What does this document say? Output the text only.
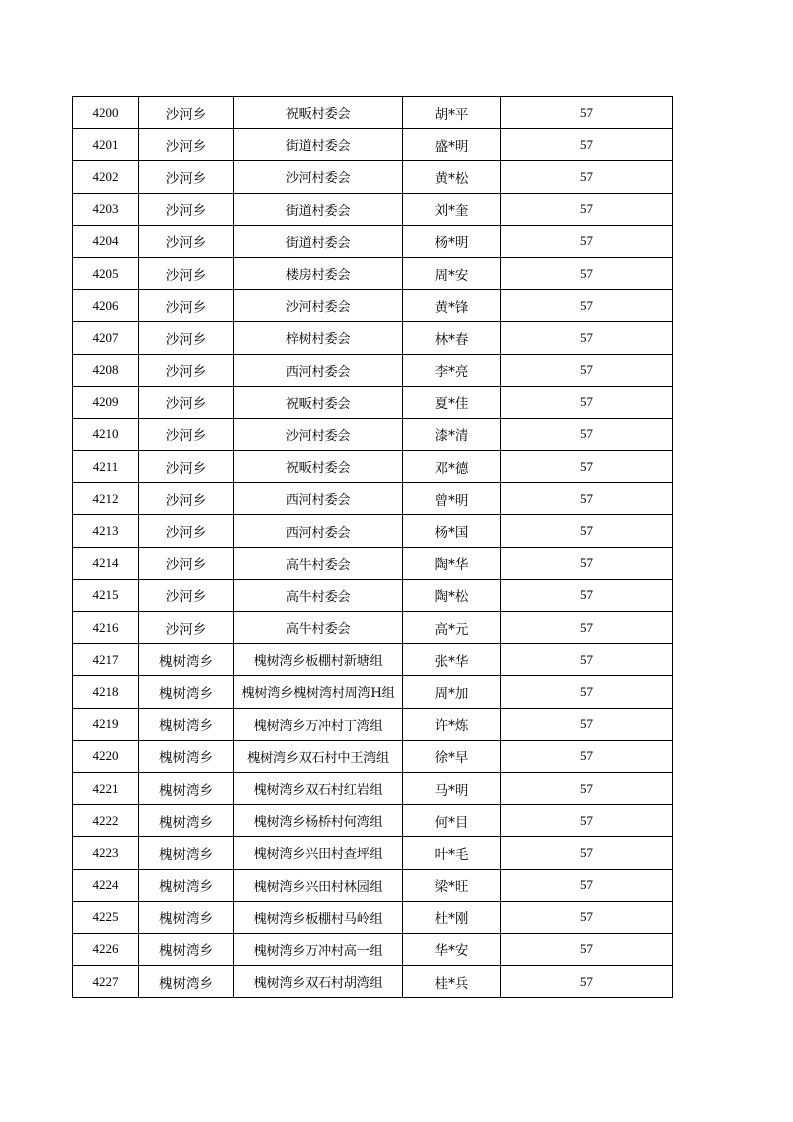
4200	沙河乡	祝畈村委会	胡*平	57
4201	沙河乡	街道村委会	盛*明	57
4202	沙河乡	沙河村委会	黄*松	57
4203	沙河乡	街道村委会	刘*奎	57
4204	沙河乡	街道村委会	杨*明	57
4205	沙河乡	楼房村委会	周*安	57
4206	沙河乡	沙河村委会	黄*锋	57
4207	沙河乡	梓树村委会	林*春	57
4208	沙河乡	西河村委会	李*亮	57
4209	沙河乡	祝畈村委会	夏*佳	57
4210	沙河乡	沙河村委会	漆*清	57
4211	沙河乡	祝畈村委会	邓*德	57
4212	沙河乡	西河村委会	曾*明	57
4213	沙河乡	西河村委会	杨*国	57
4214	沙河乡	高牛村委会	陶*华	57
4215	沙河乡	高牛村委会	陶*松	57
4216	沙河乡	高牛村委会	高*元	57
4217	槐树湾乡	槐树湾乡板棚村新塘组	张*华	57
4218	槐树湾乡	槐树湾乡槐树湾村周湾H组	周*加	57
4219	槐树湾乡	槐树湾乡万冲村丁湾组	许*炼	57
4220	槐树湾乡	槐树湾乡双石村中王湾组	徐*早	57
4221	槐树湾乡	槐树湾乡双石村红岩组	马*明	57
4222	槐树湾乡	槐树湾乡杨桥村何湾组	何*目	57
4223	槐树湾乡	槐树湾乡兴田村查坪组	叶*毛	57
4224	槐树湾乡	槐树湾乡兴田村林园组	梁*旺	57
4225	槐树湾乡	槐树湾乡板棚村马岭组	杜*刚	57
4226	槐树湾乡	槐树湾乡万冲村高一组	华*安	57
4227	槐树湾乡	槐树湾乡双石村胡湾组	桂*兵	57
